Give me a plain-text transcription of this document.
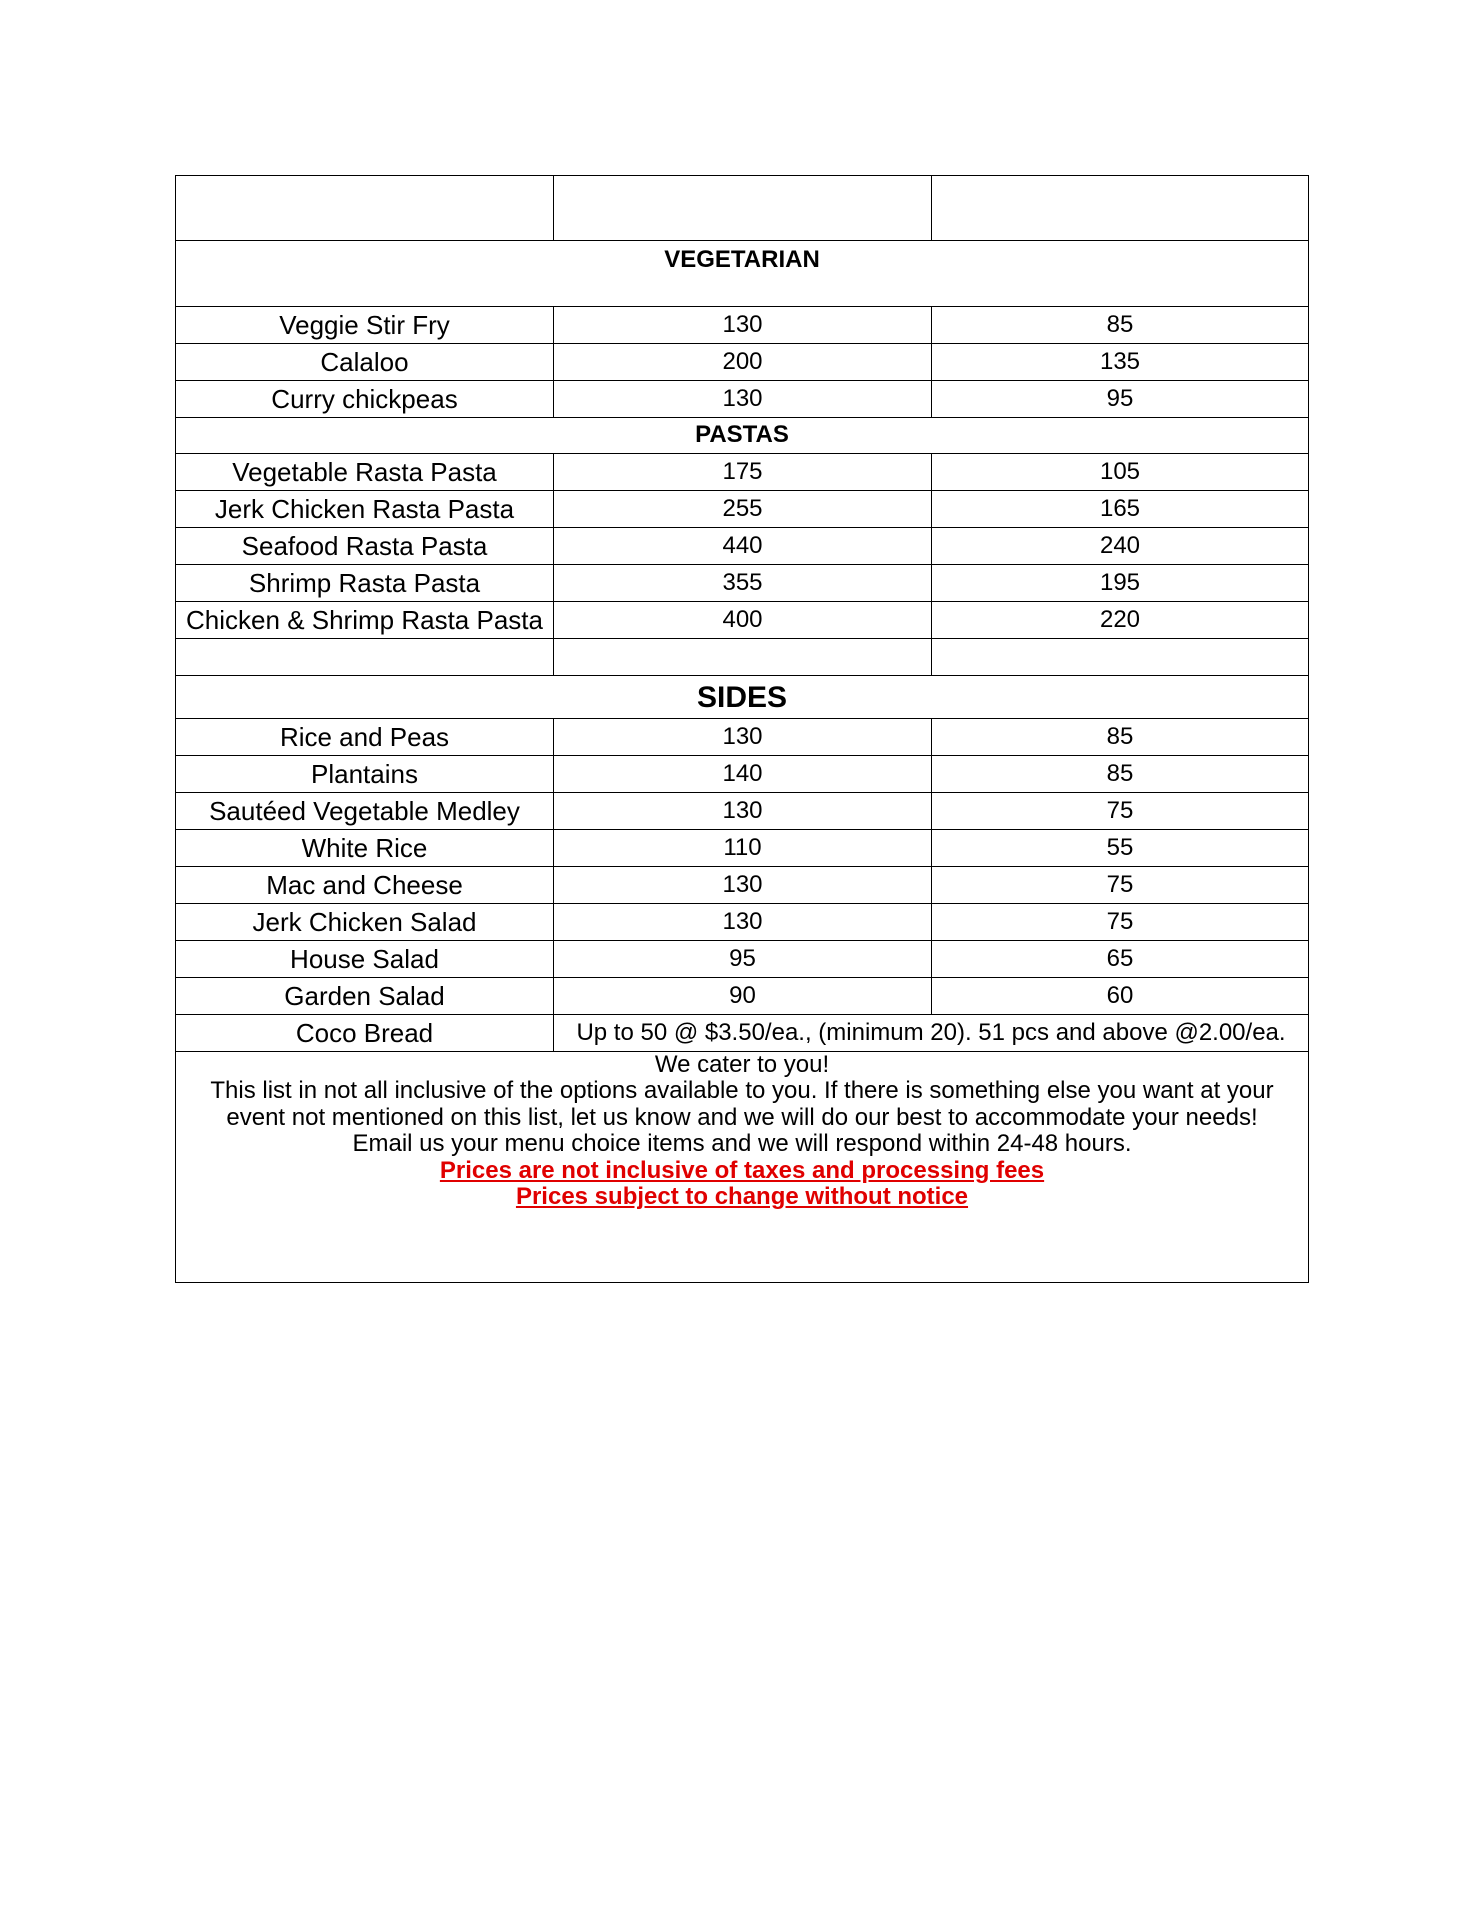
VEGETARIAN		
Veggie Stir Fry	130	85
Calaloo	200	135
Curry chickpeas	130	95
PASTAS		
Vegetable Rasta Pasta	175	105
Jerk Chicken Rasta Pasta	255	165
Seafood Rasta Pasta	440	240
Shrimp Rasta Pasta	355	195
Chicken & Shrimp Rasta Pasta	400	220

SIDES		
Rice and Peas	130	85
Plantains	140	85
Sautéed Vegetable Medley	130	75
White Rice	110	55
Mac and Cheese	130	75
Jerk Chicken Salad	130	75
House Salad	95	65
Garden Salad	90	60
Coco Bread	Up to 50 @ $3.50/ea., (minimum 20). 51 pcs and above @2.00/ea.	

We cater to you!
This list in not all inclusive of the options available to you. If there is something else you want at your event not mentioned on this list, let us know and we will do our best to accommodate your needs!
Email us your menu choice items and we will respond within 24-48 hours.
Prices are not inclusive of taxes and processing fees
Prices subject to change without notice		
